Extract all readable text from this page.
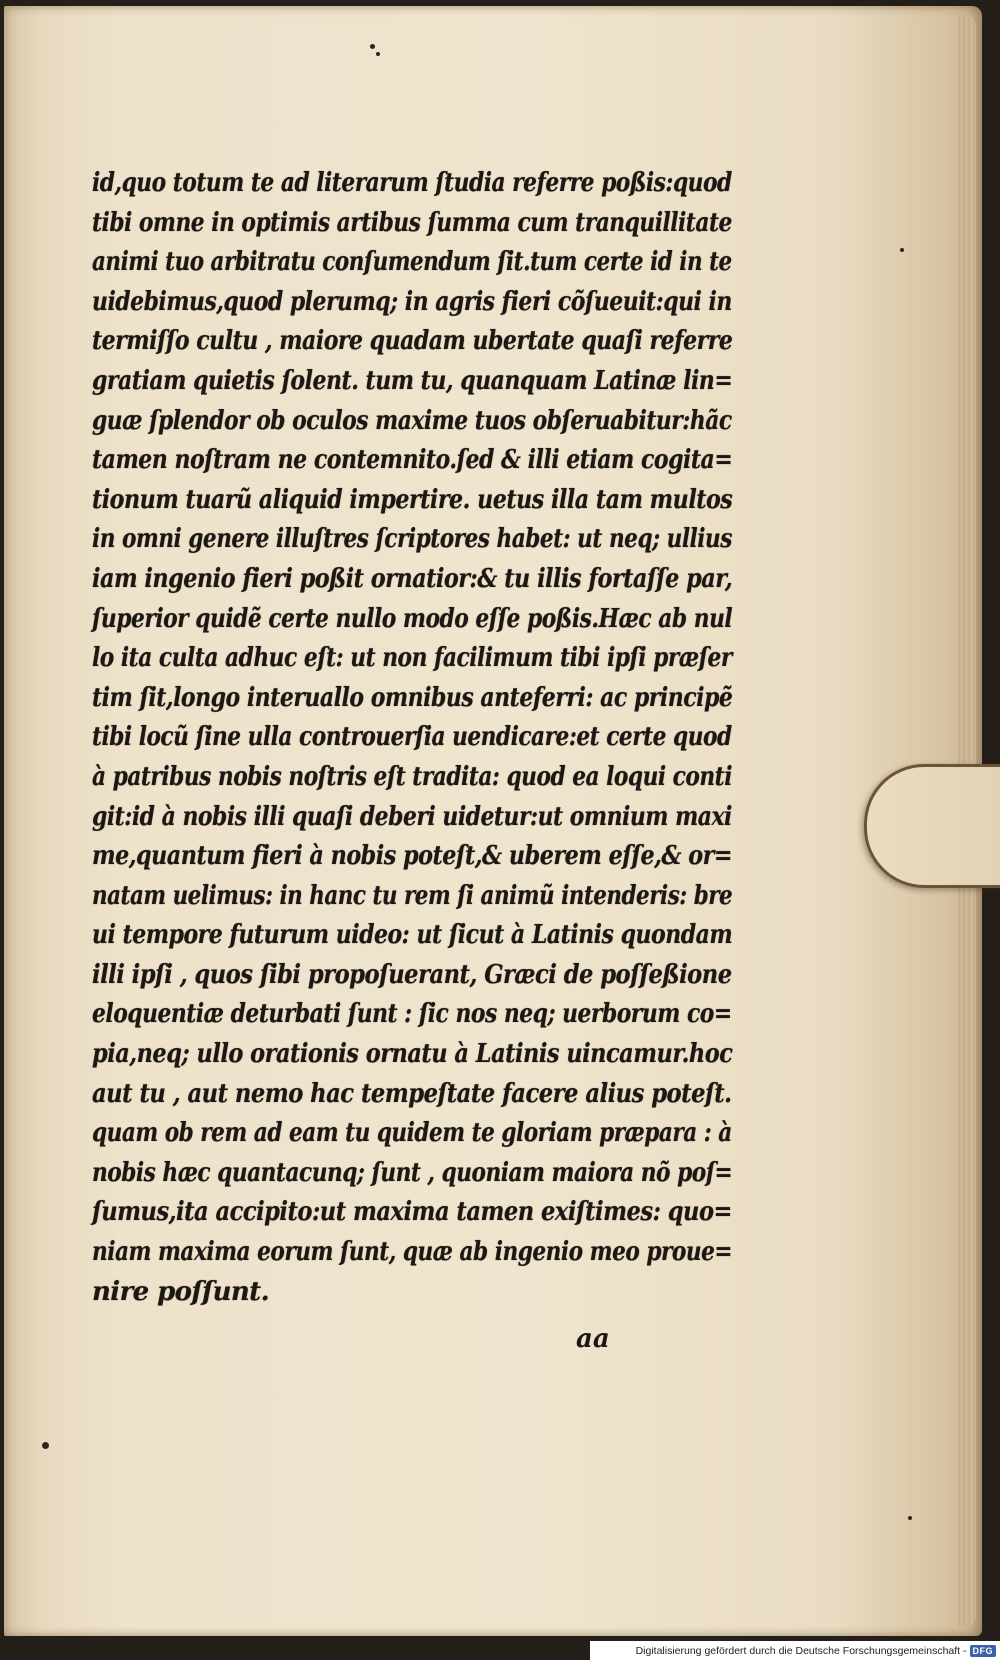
id,quo totum te ad literarum ſtudia referre poßis:quod
tibi omne in optimis artibus ſumma cum tranquillitate
animi tuo arbitratu conſumendum ſit.tum certe id in te
uidebimus,quod plerumq; in agris fieri cõſueuit:qui in
termiſſo cultu , maiore quadam ubertate quaſi referre
gratiam quietis ſolent. tum tu, quanquam Latinæ lin=
guæ ſplendor ob oculos maxime tuos obſeruabitur:hãc
tamen noſtram ne contemnito.ſed & illi etiam cogita=
tionum tuarũ aliquid impertire. uetus illa tam multos
in omni genere illuſtres ſcriptores habet: ut neq; ullius
iam ingenio fieri poßit ornatior:& tu illis fortaſſe par,
ſuperior quidẽ certe nullo modo eſſe poßis.Hæc ab nul
lo ita culta adhuc eſt: ut non facilimum tibi ipſi præſer
tim ſit,longo interuallo omnibus anteferri: ac principẽ
tibi locũ ſine ulla controuerſia uendicare:et certe quod
à patribus nobis noſtris eſt tradita: quod ea loqui conti
git:id à nobis illi quaſi deberi uidetur:ut omnium maxi
me,quantum fieri à nobis poteſt,& uberem eſſe,& or=
natam uelimus: in hanc tu rem ſi animũ intenderis: bre
ui tempore futurum uideo: ut ſicut à Latinis quondam
illi ipſi , quos ſibi propoſuerant, Græci de poſſeßione
eloquentiæ deturbati ſunt : ſic nos neq; uerborum co=
pia,neq; ullo orationis ornatu à Latinis uincamur.hoc
aut tu , aut nemo hac tempeſtate facere alius poteſt.
quam ob rem ad eam tu quidem te gloriam præpara : à
nobis hæc quantacunq; ſunt , quoniam maiora nõ poſ=
ſumus,ita accipito:ut maxima tamen exiſtimes: quo=
niam maxima eorum ſunt, quæ ab ingenio meo proue=
nire poſſunt.
aa
Digitalisierung gefördert durch die Deutsche Forschungsgemeinschaft - DFG
